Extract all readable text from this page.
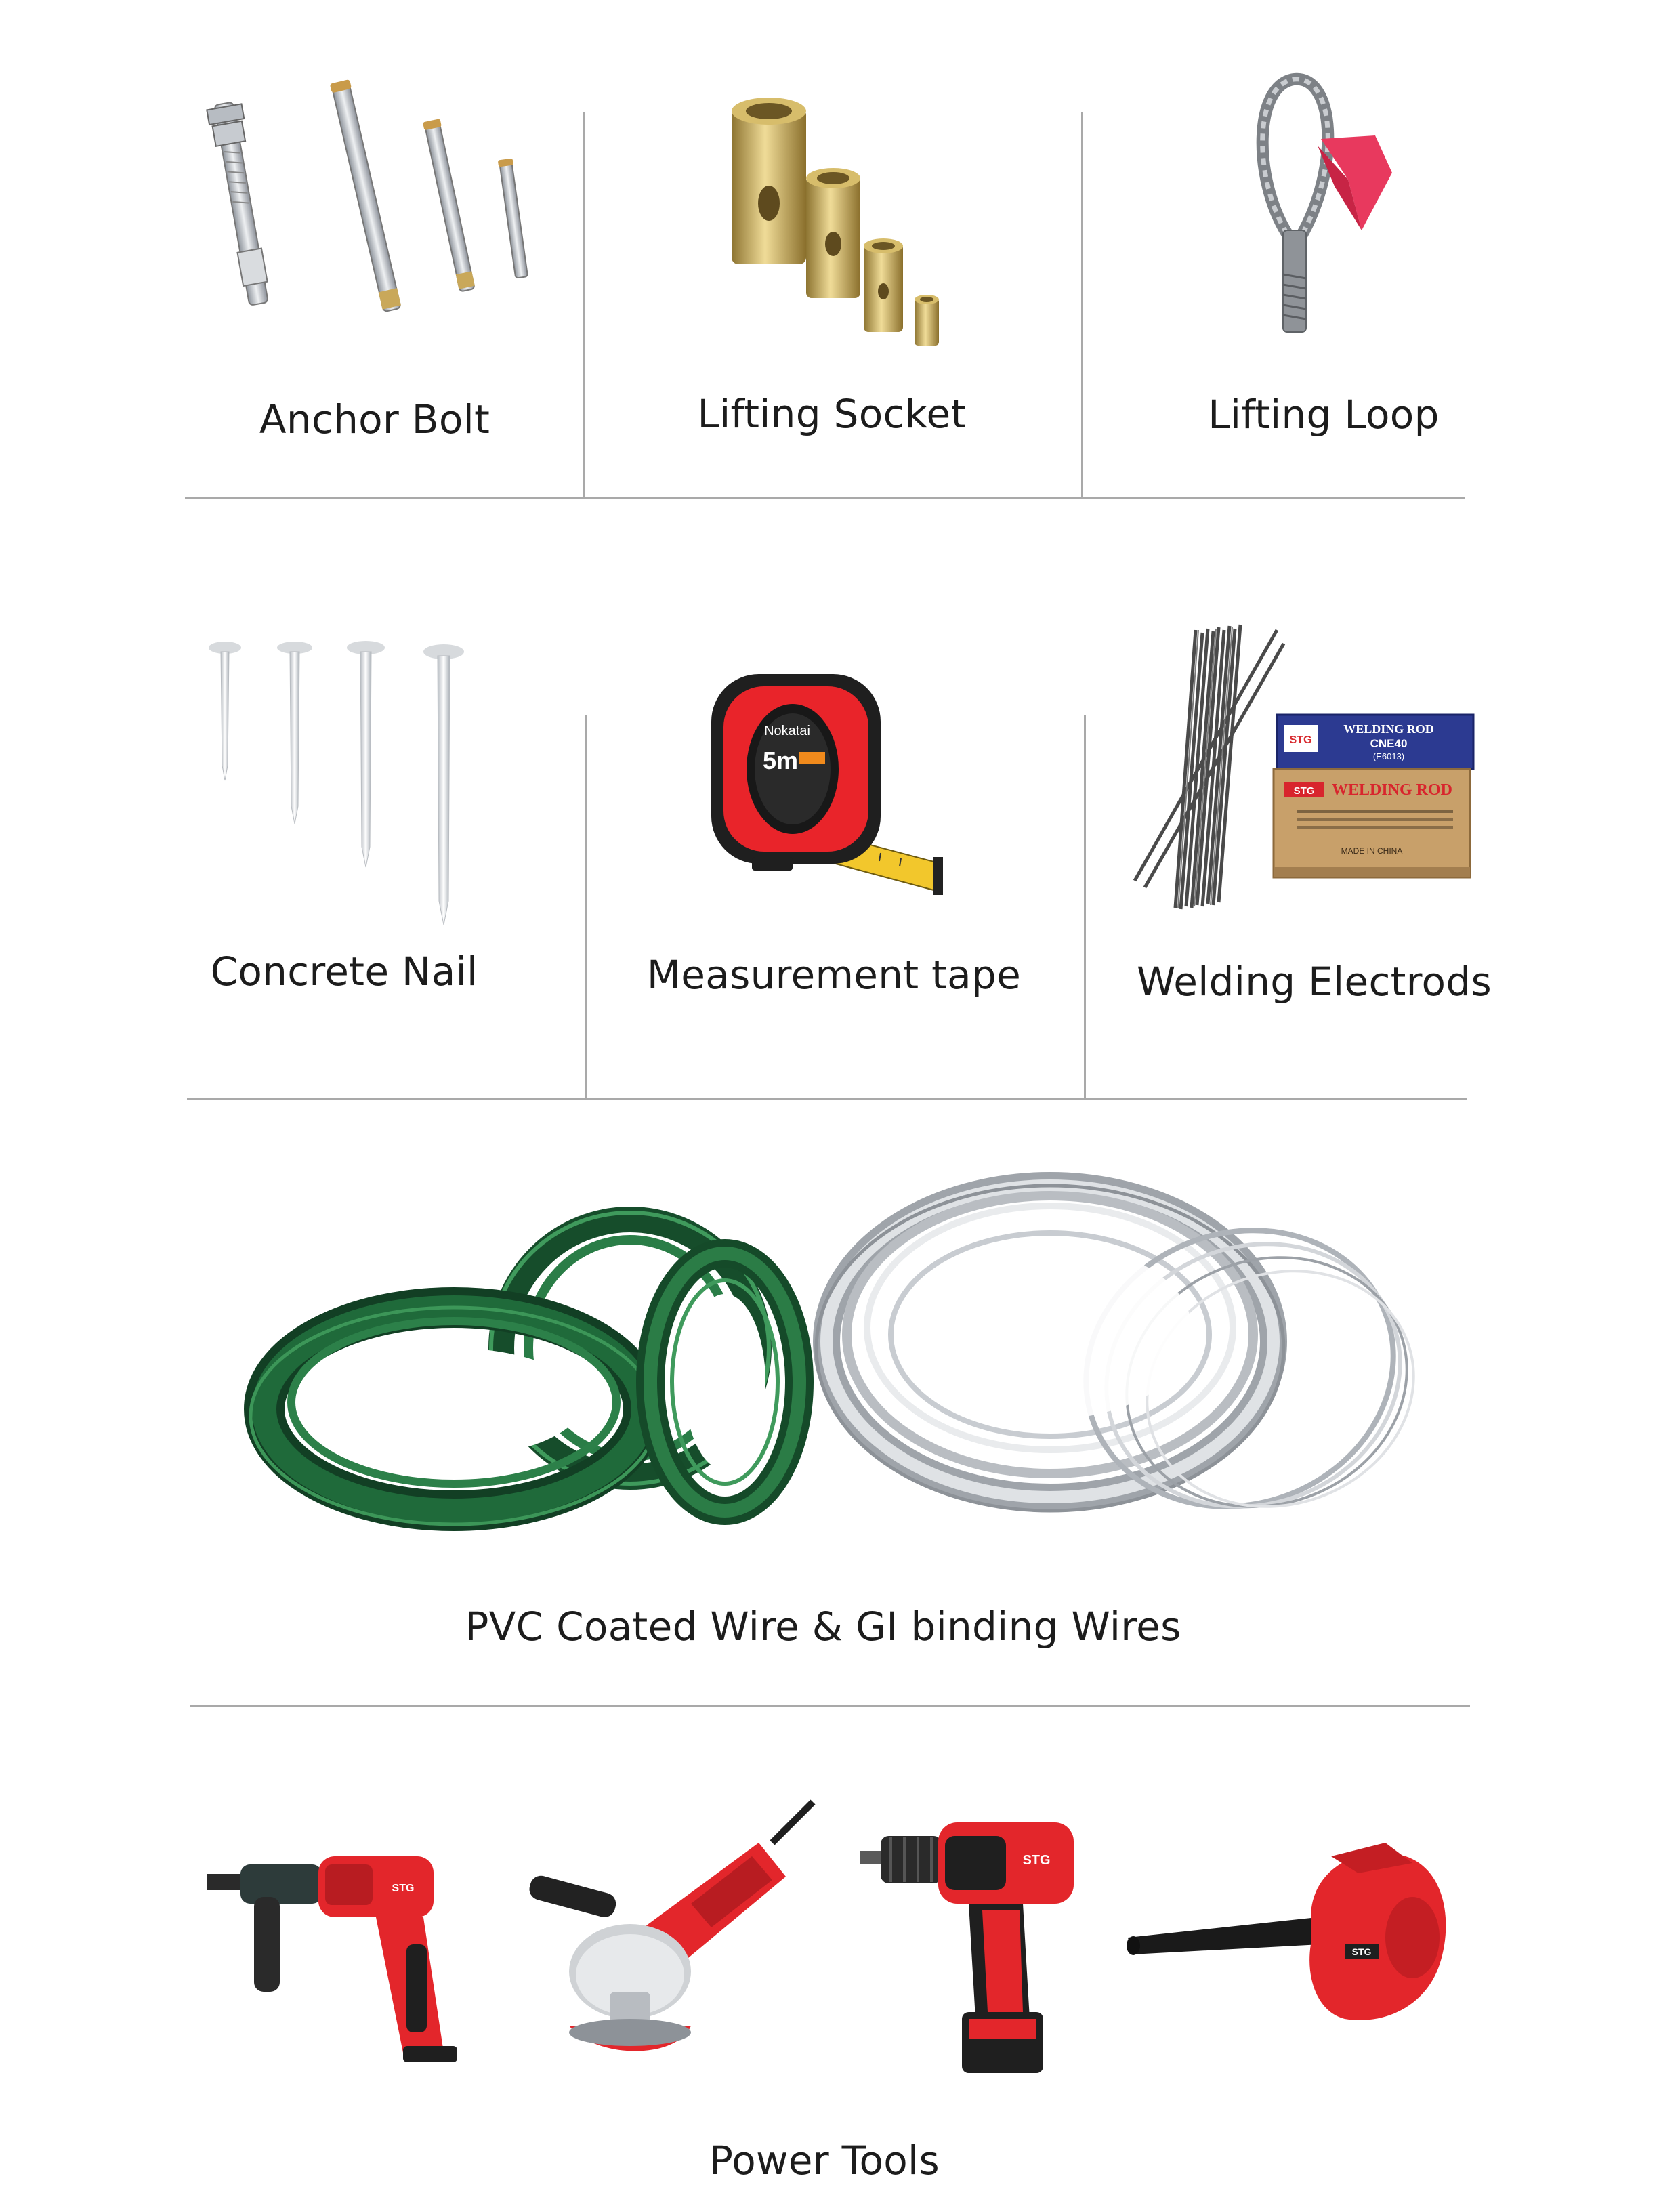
Anchor Bolt	Lifting Socket	Lifting Loop
Concrete Nail
Nokatai
5m
Measurement tape
STG
WELDING ROD
CNE40
(E6013)
STG WELDING ROD
MADE IN CHINA
Welding Electrods
PVC Coated Wire & GI binding Wires
STG
STG
STG
Power Tools
